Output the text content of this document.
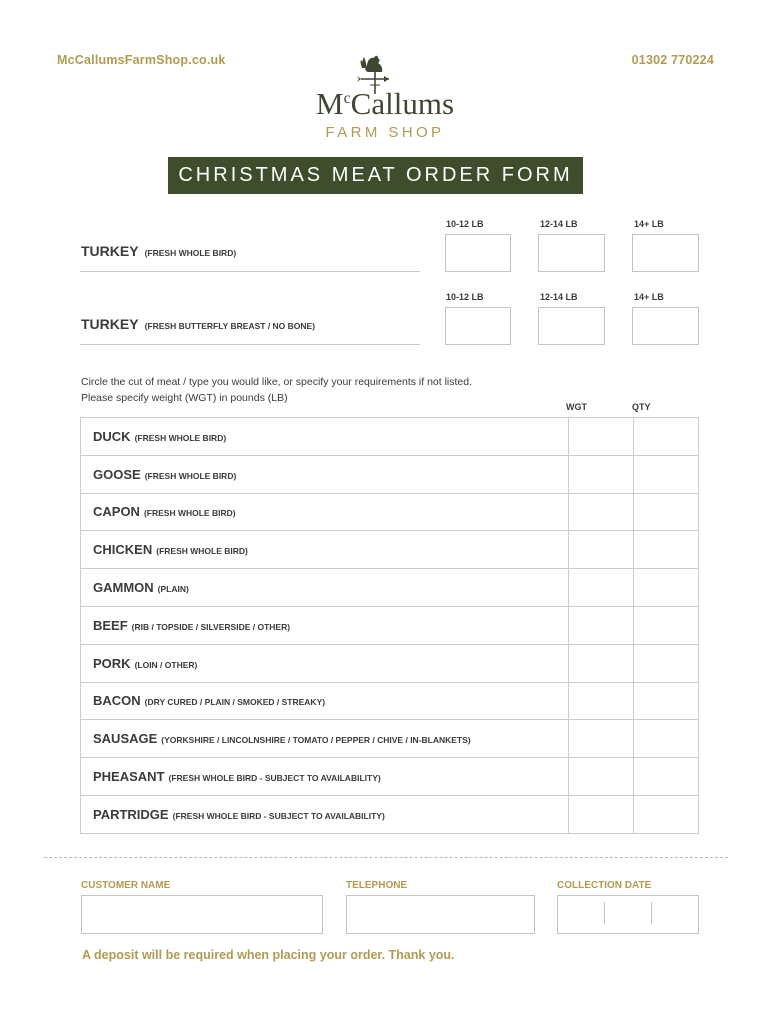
McCallumsFarmShop.co.uk	01302 770224
$M^cCallums$
FARM SHOP
CHRISTMAS MEAT ORDER FORM
10-12 LB	12-14 LB	14+ LB
TURKEY (FRESH WHOLE BIRD)
10-12 LB	12-14 LB	14+ LB
TURKEY (FRESH BUTTERFLY BREAST / NO BONE)
Circle the cut of meat / type you would like, or specify your requirements if not listed.
Please specify weight (WGT) in pounds (LB)
WGT	QTY
DUCK (FRESH WHOLE BIRD)		
GOOSE (FRESH WHOLE BIRD)		
CAPON (FRESH WHOLE BIRD)		
CHICKEN (FRESH WHOLE BIRD)		
GAMMON (PLAIN)		
BEEF (RIB / TOPSIDE / SILVERSIDE / OTHER)		
PORK (LOIN / OTHER)		
BACON (DRY CURED / PLAIN / SMOKED / STREAKY)		
SAUSAGE (YORKSHIRE / LINCOLNSHIRE / TOMATO / PEPPER / CHIVE / IN-BLANKETS)		
PHEASANT (FRESH WHOLE BIRD - SUBJECT TO AVAILABILITY)		
PARTRIDGE (FRESH WHOLE BIRD - SUBJECT TO AVAILABILITY)		
CUSTOMER NAME	TELEPHONE	COLLECTION DATE
A deposit will be required when placing your order. Thank you.
